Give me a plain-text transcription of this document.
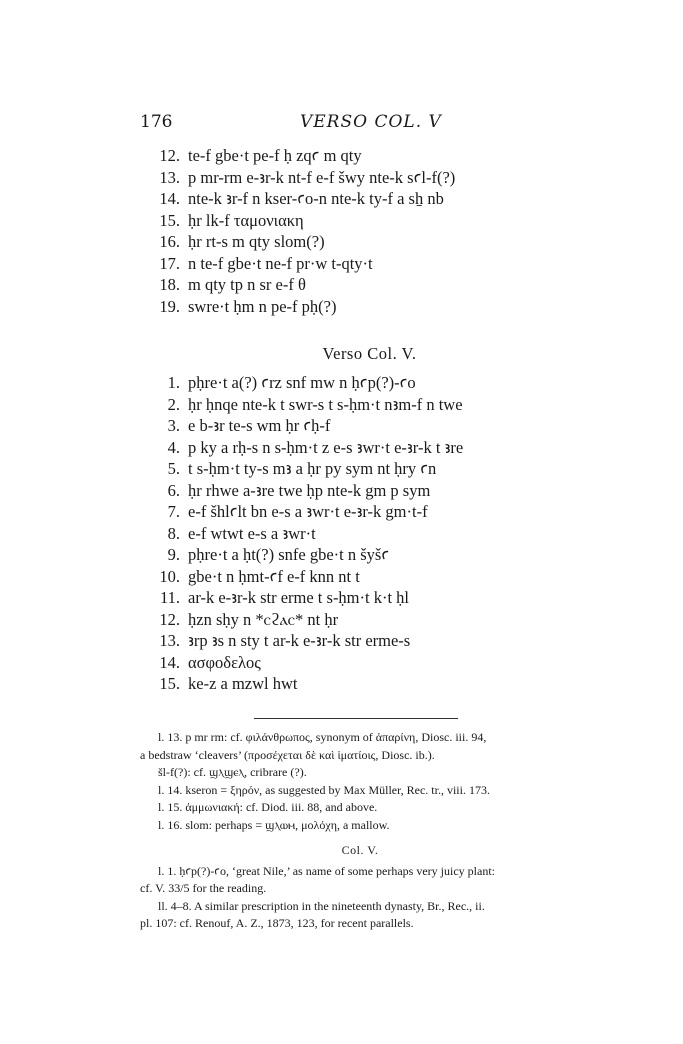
176	VERSO COL. V
12. te-f gbe·t pe-f ḥ zqꜥ m qty
13. p mr-rm e-ꜣr-k nt-f e-f šwy nte-k sꜥl-f(?)
14. nte-k ꜣr-f n kser-ꜥo-n nte-k ty-f a sẖ nb
15. ḥr lk-f ταμονιακη
16. ḥr rt-s m qty slom(?)
17. n te-f gbe·t ne-f pr·w t-qty·t
18. m qty tp n sr e-f θ
19. swre·t ḥm n pe-f pḥ(?)
Verso Col. V.
1. pḥre·t a(?) ꜥrz snf mw n ḥꜥp(?)-ꜥo
2. ḥr ḥnqe nte-k t swr-s t s-ḥm·t nꜣm-f n twe
3. e b-ꜣr te-s wm ḥr ꜥḥ-f
4. p ky a rḥ-s n s-ḥm·t z e-s ꜣwr·t e-ꜣr-k t ꜣre
5. t s-ḥm·t ty-s mꜣ a ḥr py sym nt ḥry ꜥn
6. ḥr rhwe a-ꜣre twe ḥp nte-k gm p sym
7. e-f šhlꜥlt bn e-s a ꜣwr·t e-ꜣr-k gm·t-f
8. e-f wtwt e-s a ꜣwr·t
9. pḥre·t a ḥt(?) snfe gbe·t n šyšꜥ
10. gbe·t n ḥmt-ꜥf e-f knn nt t
11. ar-k e-ꜣr-k str erme t s-ḥm·t k·t ḥl
12. ḥzn sḥy n *ⲥϩⲁⲥ* nt ḥr
13. ꜣrp ꜣs n sty t ar-k e-ꜣr-k str erme-s
14. ασφοδελος
15. ke-z a mzwl hwt

l. 13. p mr rm: cf. φιλάνθρωπος, synonym of ἀπαρίνη, Diosc. iii. 94,

a bedstraw ‘cleavers’ (προσέχεται δὲ καὶ ἱματίοις, Diosc. ib.).

šl-f(?): cf. ϣⲗϣⲉⲗ, cribrare (?).

l. 14. kseron = ξηρόν, as suggested by Max Müller, Rec. tr., viii. 173.

l. 15. ἀμμωνιακή: cf. Diod. iii. 88, and above.

l. 16. slom: perhaps = ϣⲗⲱⲙ, μολόχη, a mallow.

Col. V.

l. 1. ḥꜥp(?)-ꜥo, ‘great Nile,’ as name of some perhaps very juicy plant:

cf. V. 33/5 for the reading.

ll. 4–8. A similar prescription in the nineteenth dynasty, Br., Rec., ii.

pl. 107: cf. Renouf, A. Z., 1873, 123, for recent parallels.
